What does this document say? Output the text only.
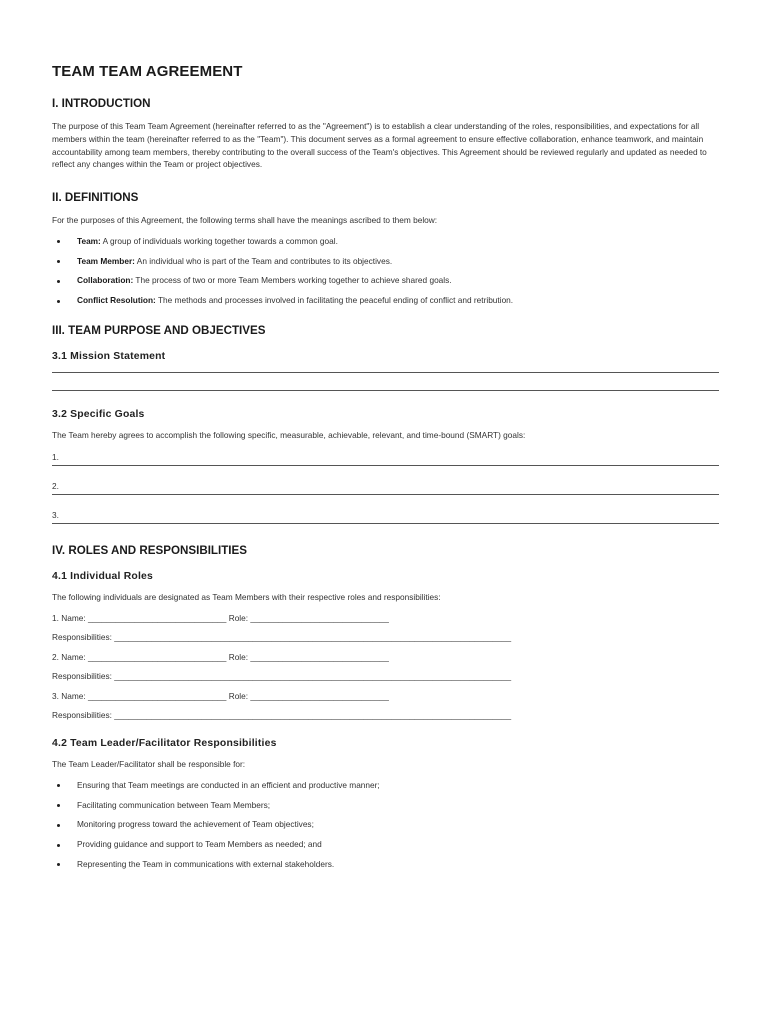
TEAM TEAM AGREEMENT
I. INTRODUCTION

The purpose of this Team Team Agreement (hereinafter referred to as the "Agreement") is to establish a clear understanding of the roles, responsibilities, and expectations for all members within the team (hereinafter referred to as the "Team"). This document serves as a formal agreement to ensure effective collaboration, enhance teamwork, and maintain accountability among team members, thereby contributing to the overall success of the Team's objectives. This Agreement should be reviewed regularly and updated as needed to reflect any changes within the Team or project objectives.

II. DEFINITIONS

For the purposes of this Agreement, the following terms shall have the meanings ascribed to them below:

Team: A group of individuals working together towards a common goal.
Team Member: An individual who is part of the Team and contributes to its objectives.
Collaboration: The process of two or more Team Members working together to achieve shared goals.
Conflict Resolution: The methods and processes involved in facilitating the peaceful ending of conflict and retribution.
III. TEAM PURPOSE AND OBJECTIVES
3.1 Mission Statement
3.2 Specific Goals

The Team hereby agrees to accomplish the following specific, measurable, achievable, relevant, and time-bound (SMART) goals:

1.
2.
3.
IV. ROLES AND RESPONSIBILITIES
4.1 Individual Roles

The following individuals are designated as Team Members with their respective roles and responsibilities:

1. Name: ______________________________ Role: ______________________________
Responsibilities: ______________________________________________________________________________________
2. Name: ______________________________ Role: ______________________________
Responsibilities: ______________________________________________________________________________________
3. Name: ______________________________ Role: ______________________________
Responsibilities: ______________________________________________________________________________________
4.2 Team Leader/Facilitator Responsibilities

The Team Leader/Facilitator shall be responsible for:

Ensuring that Team meetings are conducted in an efficient and productive manner;
Facilitating communication between Team Members;
Monitoring progress toward the achievement of Team objectives;
Providing guidance and support to Team Members as needed; and
Representing the Team in communications with external stakeholders.
